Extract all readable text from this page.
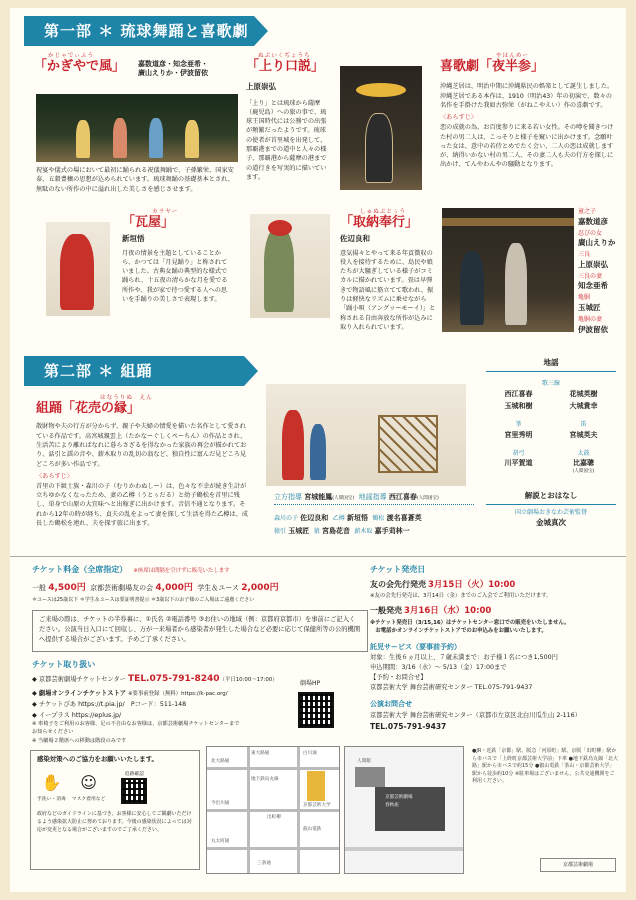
第一部 ＊ 琉球舞踊と喜歌劇
かじゃでぃふう
「かぎやで風」	嘉数道彦・知念亜希・
廣山えりか・伊波留依
祝宴や儀式の場において最初に踊られる祝儀舞踊で、子孫繁栄、国家安泰、五穀豊穣の思想が込められています。琉球舞踊の基礎基本とされ、無駄のない所作の中に溢れ出した美しさを感じさせます。
ぬぶいくぢょうち
「上り口説」
上原崇弘
「上り」とは琉球から薩摩（鹿児島）への旅の事で、琉球王国時代には公務での出張が頻繁だったようです。琉球の使者が首里城を出発して、那覇港までの道中と人々の様子、那覇港から薩摩の港までの道行きを写実的に描いています。
やはんめー
喜歌劇「夜半参」
沖縄芝居は、明治中期に沖縄県民の娯楽として誕生しました。沖縄芝居である本作は、1910（明治43）年の初演で、数々の名作を手掛けた我如古弥栄（がねこやえい）作の喜劇です。
〈あらすじ〉
恋の成就の為、お百度参りに来る若い女性。その噂を聞きつけた村の男二人は、こっそりと様子を窺いに出かけます。念願叶った女は、意中の若侍とめでたく会い、二人の恋は成就しますが、納得いかない村の男二人、その妻二人も夫の行方を探しに出かけ、てんやわんやの騒動となります。
カラヤー
「瓦屋」
新垣悟
月夜の情景を主題としていることから、かつては「月見踊り」と称されていました。古典女踊の典型的な様式で踊られ、十五夜の清らかな月を愛でる所作や、我が家で待つ愛する人への思いを手踊りの美しさで表現します。
しゅぬぶとぅう
「取納奉行」
佐辺良和
意気揚々とやって来る年貢徴収の役人を接待するために、島民や娘たちが大騒ぎしている様子がコミカルに描かれています。畳は早弾きで物語風に筋立てて歌われ、振りは軽快なリズムに乗せながら「踊小唄（アングヮーモーイ）」と称される自由奔放な所作が込みに取り入れられています。
童之子
嘉数道彦
忍びの女
廣山えりか
三良
上原崇弘
三良の妻
知念亜希
亀胴
玉城匠
亀胴の妻
伊波留依
第二部 ＊ 組踊
はなうりぬ　えん
組踊「花売の縁」
散財物や夫の行方が分からず、親子や夫婦の情愛を描いた名作として愛されている作品です。高宮城親雲上（たかなーぐしくぺーちん）の作品とされ、生活苦により離ればなれに暮らさざるを得なかった家族の再会が描かれており、話引と謡の音や、薪木取りの乱切の翁など、独自性に富んだ見どころ見どころが多い作品です。
〈あらすじ〉
首里の下級士族・森川の子（むりかわぬしー）は、色々な不幸が続き生計が立ちゆかなくなったため、妻の乙樽（うとぅだる）と幼子鶴松を首里に残し、単身で山原の大宜味へと出稼ぎに出かけます。音信不通となります。それから12年の時が経ち、貞夫の乱をよって妻を探して生活を得た乙樽は、成長した鶴松を連れ、夫を探す旅に出ます。
立方指導 宮城能鳳(人間国宝) 地謡指導 西江喜春(人間国宝)
森川の子 佐辺良和 乙樽 新垣悟 鶴松 渡名喜蒼英
猿引 玉城匠 猿 宮島花音 薪木取 嘉手苅林一
地謡
歌三線
西江喜春	花城英樹
玉城和樹	大城貴幸
箏	笛
宮里秀明	宮城英夫
胡弓	太鼓
川平賀道	比嘉聰
(人間国宝)
解説とおはなし
国立劇場おきなわ芸術監督
金城真次
チケット料金（全席指定） ※座席は間隔を空けずに販売いたします
一般 4,500円 京都芸術劇場友の会 4,000円 学生＆ユース 2,000円
＊ユースは25歳以下 ＊学生＆ユースは要証明書提示 ＊3歳以下のお子様のご入場はご遠慮ください
ご来場の際は、チケットの半券裏に、①氏名 ②電話番号 ③お住いの地域（例：京都府京都市）を事前にご記入ください。公演当日入口にて回収し、万が一来場者から感染者が発生した場合など必要に応じて保健所等の公的機関へ提供する場合がございます。予めご了承ください。
チケット取り扱い
◆ 京都芸術劇場チケットセンター TEL.075-791-8240（平日10:00～17:00）
◆ 劇場オンラインチケットストア ※要事前登録（無料）https://k-pac.org/
◆ チケットぴあ https://t.pia.jp/　Pコード：511-148
◆ イープラス https://eplus.jp/
※ 車椅子をご利用のお客様、足の不自由なお客様は、京都芸術劇場チケットセンターまでお知らせください
※ 当劇場２階席への移動は階段のみです
劇場HP
チケット発売日
友の会先行発売 3月15日（火）10:00
※友の会先行発売は、3月14日（金）までのご入会でご利用いただけます。
一般発売 3月16日（水）10:00
※チケット発売日（3/15,16）はチケットセンター窓口での販売をいたしません。
　お電話かオンラインチケットストアでのお申込みをお願いいたします。
託児サービス（要事前予約）
対象：生後６ヵ月以上、７歳未満まで：お子様１名につき1,500円
申込期間：3/16（水）～ 5/13（金）17:00まで
【予約・お問合せ】
京都芸術大学 舞台芸術研究センター TEL.075-791-9437
公演お問合せ
京都芸術大学 舞台芸術研究センター（京都市左京区北白川瓜生山 2-116）
TEL.075-791-9437
感染対策へのご協力をお願いいたします。
✋
手洗い・消毒
☺
マスク着用など
追跡確認
政府などのガイドラインに基づき、お客様に安心してご観劇いただけるよう感染拡大防止に努めております。今後の感染状況によっては対応が変更となる場合がございますのでご了承ください。
北大路通
今出川通
丸太町通
地下鉄烏丸線
出町柳
三条通
叡山電鉄
白川通
京都芸術大学
東大路通
京都芸術劇場
春秋座
人間館
●JR・近鉄「京都」駅、阪急「河原町」駅、京阪「出町柳」駅から市バスで「上終町京都芸術大学前」下車 ●地下鉄烏丸線「北大路」駅から市バスで約15分 ●叡山電鉄「茶山・京都芸術大学」駅から徒歩約10分 ※駐車場はございません。公共交通機関をご利用ください。
京都芸術劇場
